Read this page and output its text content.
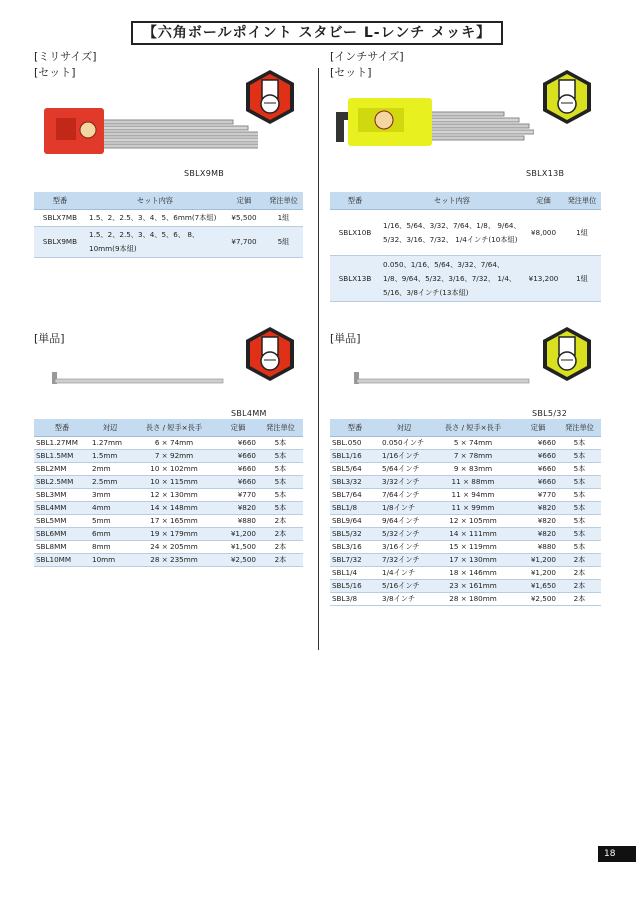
【六角ボールポイント スタビー L-レンチ メッキ】
[ミリサイズ]
[セット]
SBLX9MB
型番	セット内容	定価	発注単位
SBLX7MB	1.5、2、2.5、3、4、5、6mm(7本組)	¥5,500	1組
SBLX9MB	1.5、2、2.5、3、4、5、6、 8、10mm(9本組)	¥7,700	5組
[単品]
SBL4MM
型番	対辺	長さ / 短手×長手	定価	発注単位
SBL1.27MM	1.27mm	6 × 74mm	¥660	5本
SBL1.5MM	1.5mm	7 × 92mm	¥660	5本
SBL2MM	2mm	10 × 102mm	¥660	5本
SBL2.5MM	2.5mm	10 × 115mm	¥660	5本
SBL3MM	3mm	12 × 130mm	¥770	5本
SBL4MM	4mm	14 × 148mm	¥820	5本
SBL5MM	5mm	17 × 165mm	¥880	2本
SBL6MM	6mm	19 × 179mm	¥1,200	2本
SBL8MM	8mm	24 × 205mm	¥1,500	2本
SBL10MM	10mm	28 × 235mm	¥2,500	2本
[インチサイズ]
[セット]
SBLX13B
型番	セット内容	定価	発注単位
SBLX10B	1/16、5/64、3/32、7/64、1/8、 9/64、5/32、3/16、7/32、 1/4インチ(10本組)	¥8,000	1組
SBLX13B	0.050、1/16、5/64、3/32、7/64、 1/8、9/64、5/32、3/16、7/32、 1/4、5/16、3/8インチ(13本組)	¥13,200	1組
[単品]
SBL5/32
型番	対辺	長さ / 短手×長手	定価	発注単位
SBL.050	0.050インチ	5 × 74mm	¥660	5本
SBL1/16	1/16インチ	7 × 78mm	¥660	5本
SBL5/64	5/64インチ	9 × 83mm	¥660	5本
SBL3/32	3/32インチ	11 × 88mm	¥660	5本
SBL7/64	7/64インチ	11 × 94mm	¥770	5本
SBL1/8	1/8インチ	11 × 99mm	¥820	5本
SBL9/64	9/64インチ	12 × 105mm	¥820	5本
SBL5/32	5/32インチ	14 × 111mm	¥820	5本
SBL3/16	3/16インチ	15 × 119mm	¥880	5本
SBL7/32	7/32インチ	17 × 130mm	¥1,200	2本
SBL1/4	1/4インチ	18 × 146mm	¥1,200	2本
SBL5/16	5/16インチ	23 × 161mm	¥1,650	2本
SBL3/8	3/8インチ	28 × 180mm	¥2,500	2本
18
